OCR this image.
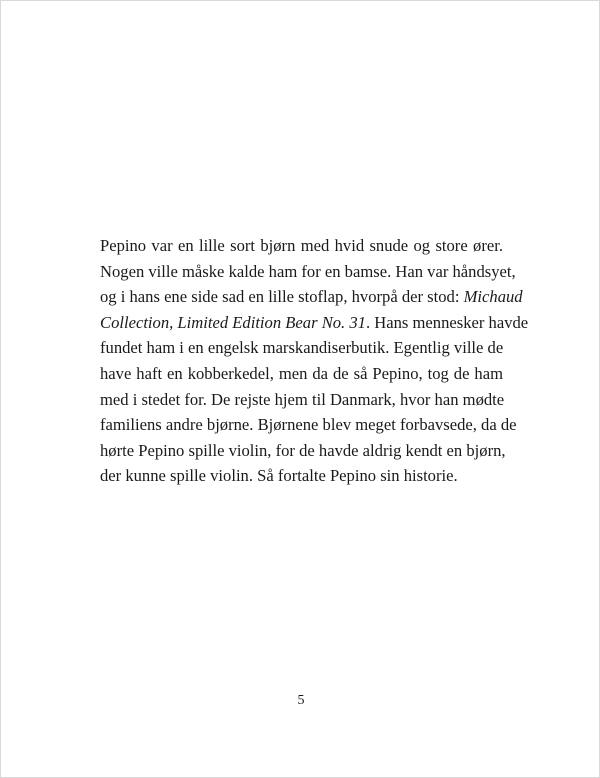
Pepino var en lille sort bjørn med hvid snude og store ører.
Nogen ville måske kalde ham for en bamse. Han var håndsyet,
og i hans ene side sad en lille stoflap, hvorpå der stod: Michaud
Collection, Limited Edition Bear No. 31. Hans mennesker havde
fundet ham i en engelsk marskandiserbutik. Egentlig ville de
have haft en kobberkedel, men da de så Pepino, tog de ham
med i stedet for. De rejste hjem til Danmark, hvor han mødte
familiens andre bjørne. Bjørnene blev meget forbavsede, da de
hørte Pepino spille violin, for de havde aldrig kendt en bjørn,
der kunne spille violin. Så fortalte Pepino sin historie.

5
